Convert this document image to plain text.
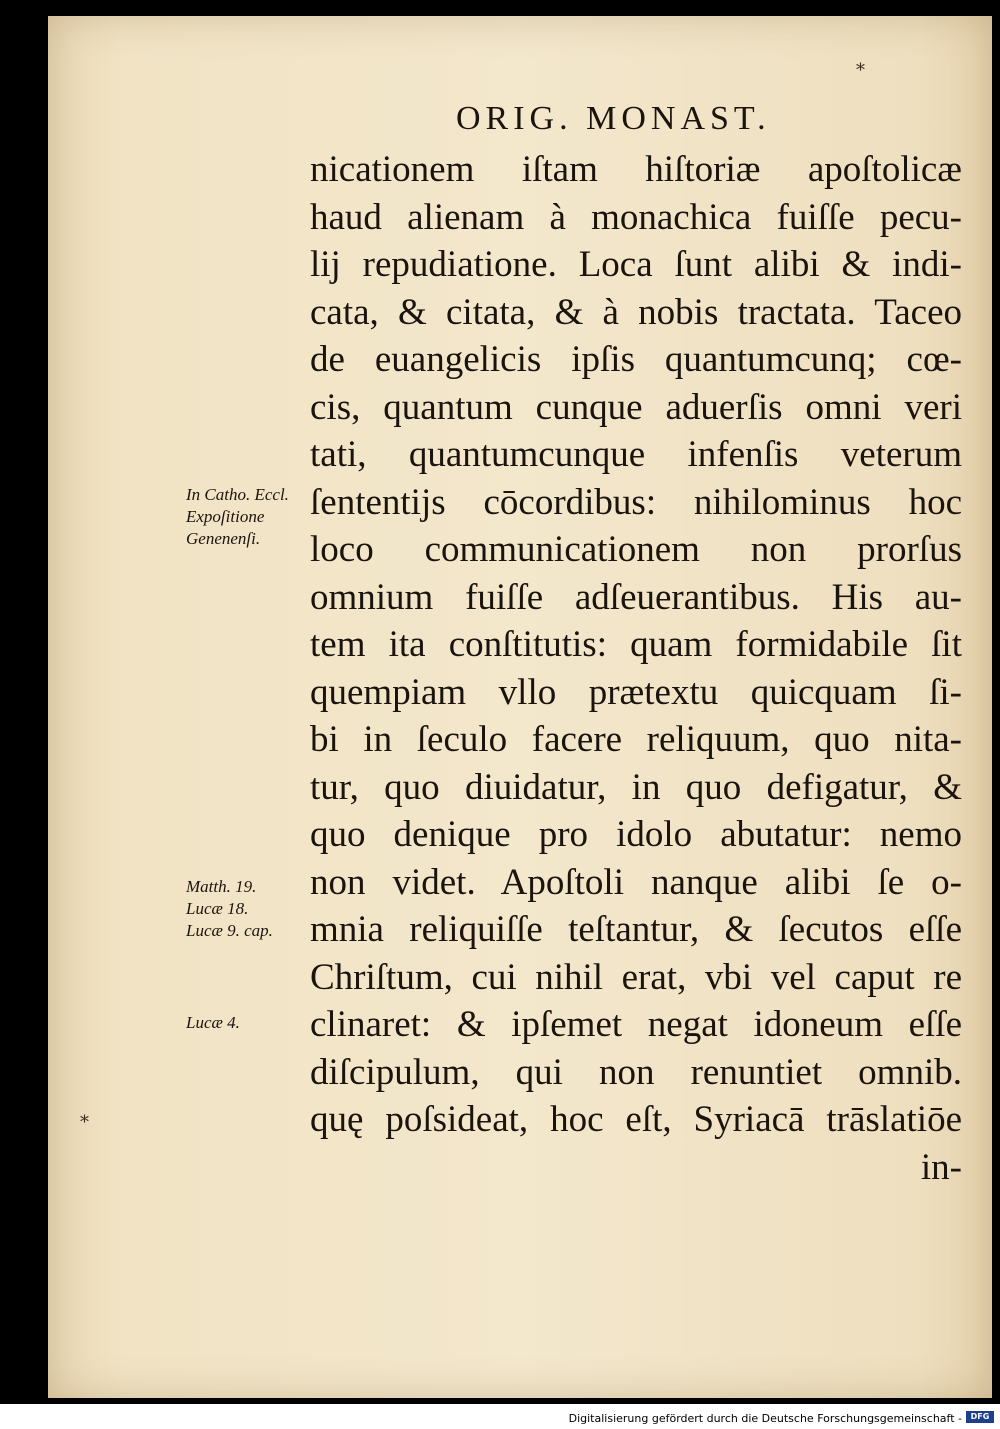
*
*
ORIG. MONAST.
nicationem iſtam hiſtoriæ apoſtolicæ
haud alienam à monachica fuiſſe pecu-
lij repudiatione. Loca ſunt alibi & indi-
cata, & citata, & à nobis tractata. Taceo
de euangelicis ipſis quantumcunq; cœ-
cis, quantum cunque aduerſis omni veri
tati, quantumcunque infenſis veterum
ſententijs cōcordibus: nihilominus hoc
loco communicationem non prorſus
omnium fuiſſe adſeuerantibus. His au-
tem ita conſtitutis: quam formidabile ſit
quempiam vllo prætextu quicquam ſi-
bi in ſeculo facere reliquum, quo nita-
tur, quo diuidatur, in quo defigatur, &
quo denique pro idolo abutatur: nemo
non videt. Apoſtoli nanque alibi ſe o-
mnia reliquiſſe teſtantur, & ſecutos eſſe
Chriſtum, cui nihil erat, vbi vel caput re
clinaret: & ipſemet negat idoneum eſſe
diſcipulum, qui non renuntiet omnib.
quę poſsideat, hoc eſt, Syriacā trāslatiōe
in-
In Catho. Eccl.
Expoſitione
Genenenſi.
Matth. 19.
Lucæ 18.
Lucæ 9. cap.
Lucæ 4.
Digitalisierung gefördert durch die Deutsche Forschungsgemeinschaft -	DFG
